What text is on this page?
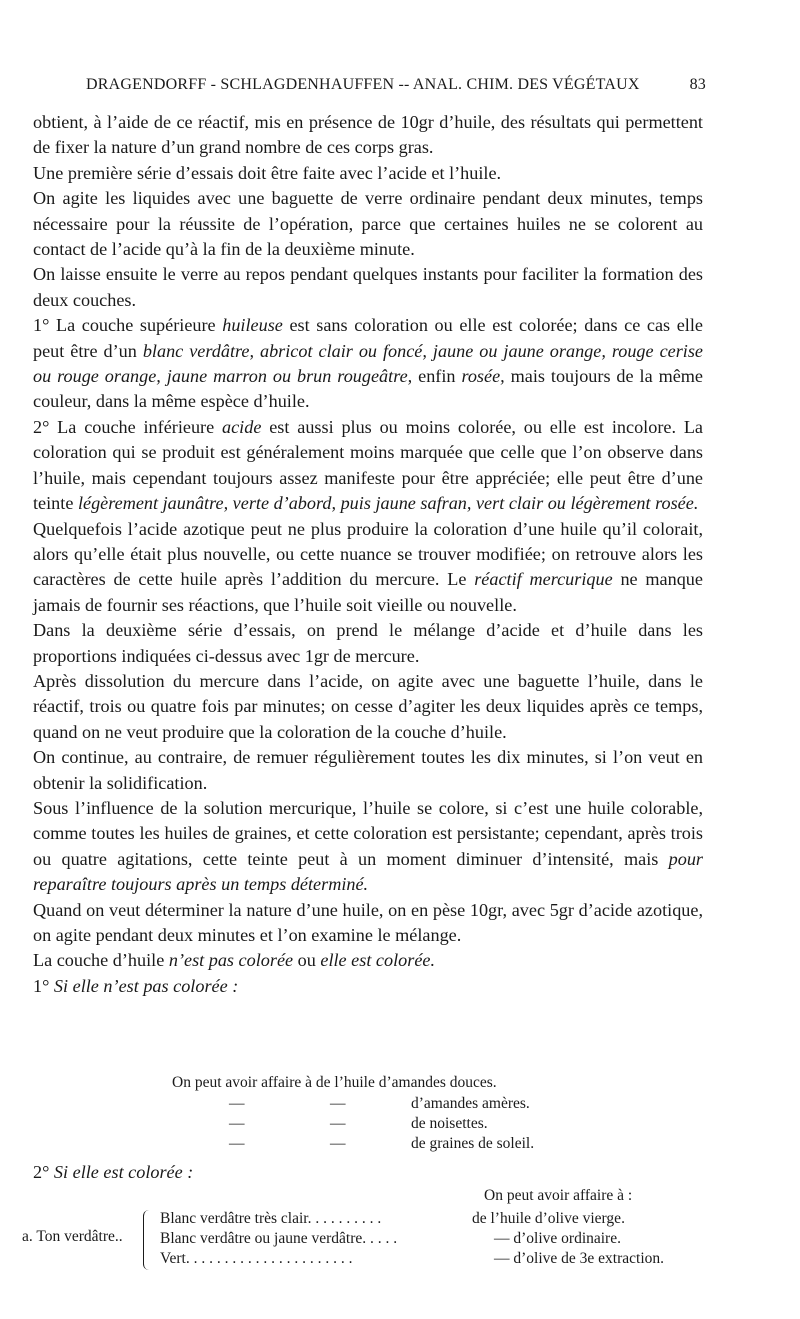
DRAGENDORFF - SCHLAGDENHAUFFEN -- ANAL. CHIM. DES VÉGÉTAUX	83

obtient, à l’aide de ce réactif, mis en présence de 10gr d’huile, des résultats qui permettent de fixer la nature d’un grand nombre de ces corps gras.

Une première série d’essais doit être faite avec l’acide et l’huile.

On agite les liquides avec une baguette de verre ordinaire pendant deux minutes, temps nécessaire pour la réussite de l’opération, parce que certaines huiles ne se colorent au contact de l’acide qu’à la fin de la deuxième minute.

On laisse ensuite le verre au repos pendant quelques instants pour faciliter la formation des deux couches.

1° La couche supérieure huileuse est sans coloration ou elle est colorée; dans ce cas elle peut être d’un blanc verdâtre, abricot clair ou foncé, jaune ou jaune orange, rouge cerise ou rouge orange, jaune marron ou brun rougeâtre, enfin rosée, mais toujours de la même couleur, dans la même espèce d’huile.

2° La couche inférieure acide est aussi plus ou moins colorée, ou elle est incolore. La coloration qui se produit est généralement moins marquée que celle que l’on observe dans l’huile, mais cependant toujours assez manifeste pour être appréciée; elle peut être d’une teinte légèrement jaunâtre, verte d’abord, puis jaune safran, vert clair ou légèrement rosée.

Quelquefois l’acide azotique peut ne plus produire la coloration d’une huile qu’il colorait, alors qu’elle était plus nouvelle, ou cette nuance se trouver modifiée; on retrouve alors les caractères de cette huile après l’addition du mercure. Le réactif mercurique ne manque jamais de fournir ses réactions, que l’huile soit vieille ou nouvelle.

Dans la deuxième série d’essais, on prend le mélange d’acide et d’huile dans les proportions indiquées ci-dessus avec 1gr de mercure.

Après dissolution du mercure dans l’acide, on agite avec une baguette l’huile, dans le réactif, trois ou quatre fois par minutes; on cesse d’agiter les deux liquides après ce temps, quand on ne veut produire que la coloration de la couche d’huile.

On continue, au contraire, de remuer régulièrement toutes les dix minutes, si l’on veut en obtenir la solidification.

Sous l’influence de la solution mercurique, l’huile se colore, si c’est une huile colorable, comme toutes les huiles de graines, et cette coloration est persistante; cependant, après trois ou quatre agitations, cette teinte peut à un moment diminuer d’intensité, mais pour reparaître toujours après un temps déterminé.

Quand on veut déterminer la nature d’une huile, on en pèse 10gr, avec 5gr d’acide azotique, on agite pendant deux minutes et l’on examine le mélange.

La couche d’huile n’est pas colorée ou elle est colorée.

1° Si elle n’est pas colorée :

On peut avoir affaire à de l’huile d’amandes douces.
—	—	d’amandes amères.
—	—	de noisettes.
—	—	de graines de soleil.
2° Si elle est colorée :
On peut avoir affaire à :
a. Ton verdâtre..
Blanc verdâtre très clair. . . . . . . . . .	de l’huile d’olive vierge.
Blanc verdâtre ou jaune verdâtre. . . . .	— d’olive ordinaire.
Vert. . . . . . . . . . . . . . . . . . . . . .	— d’olive de 3e extraction.
